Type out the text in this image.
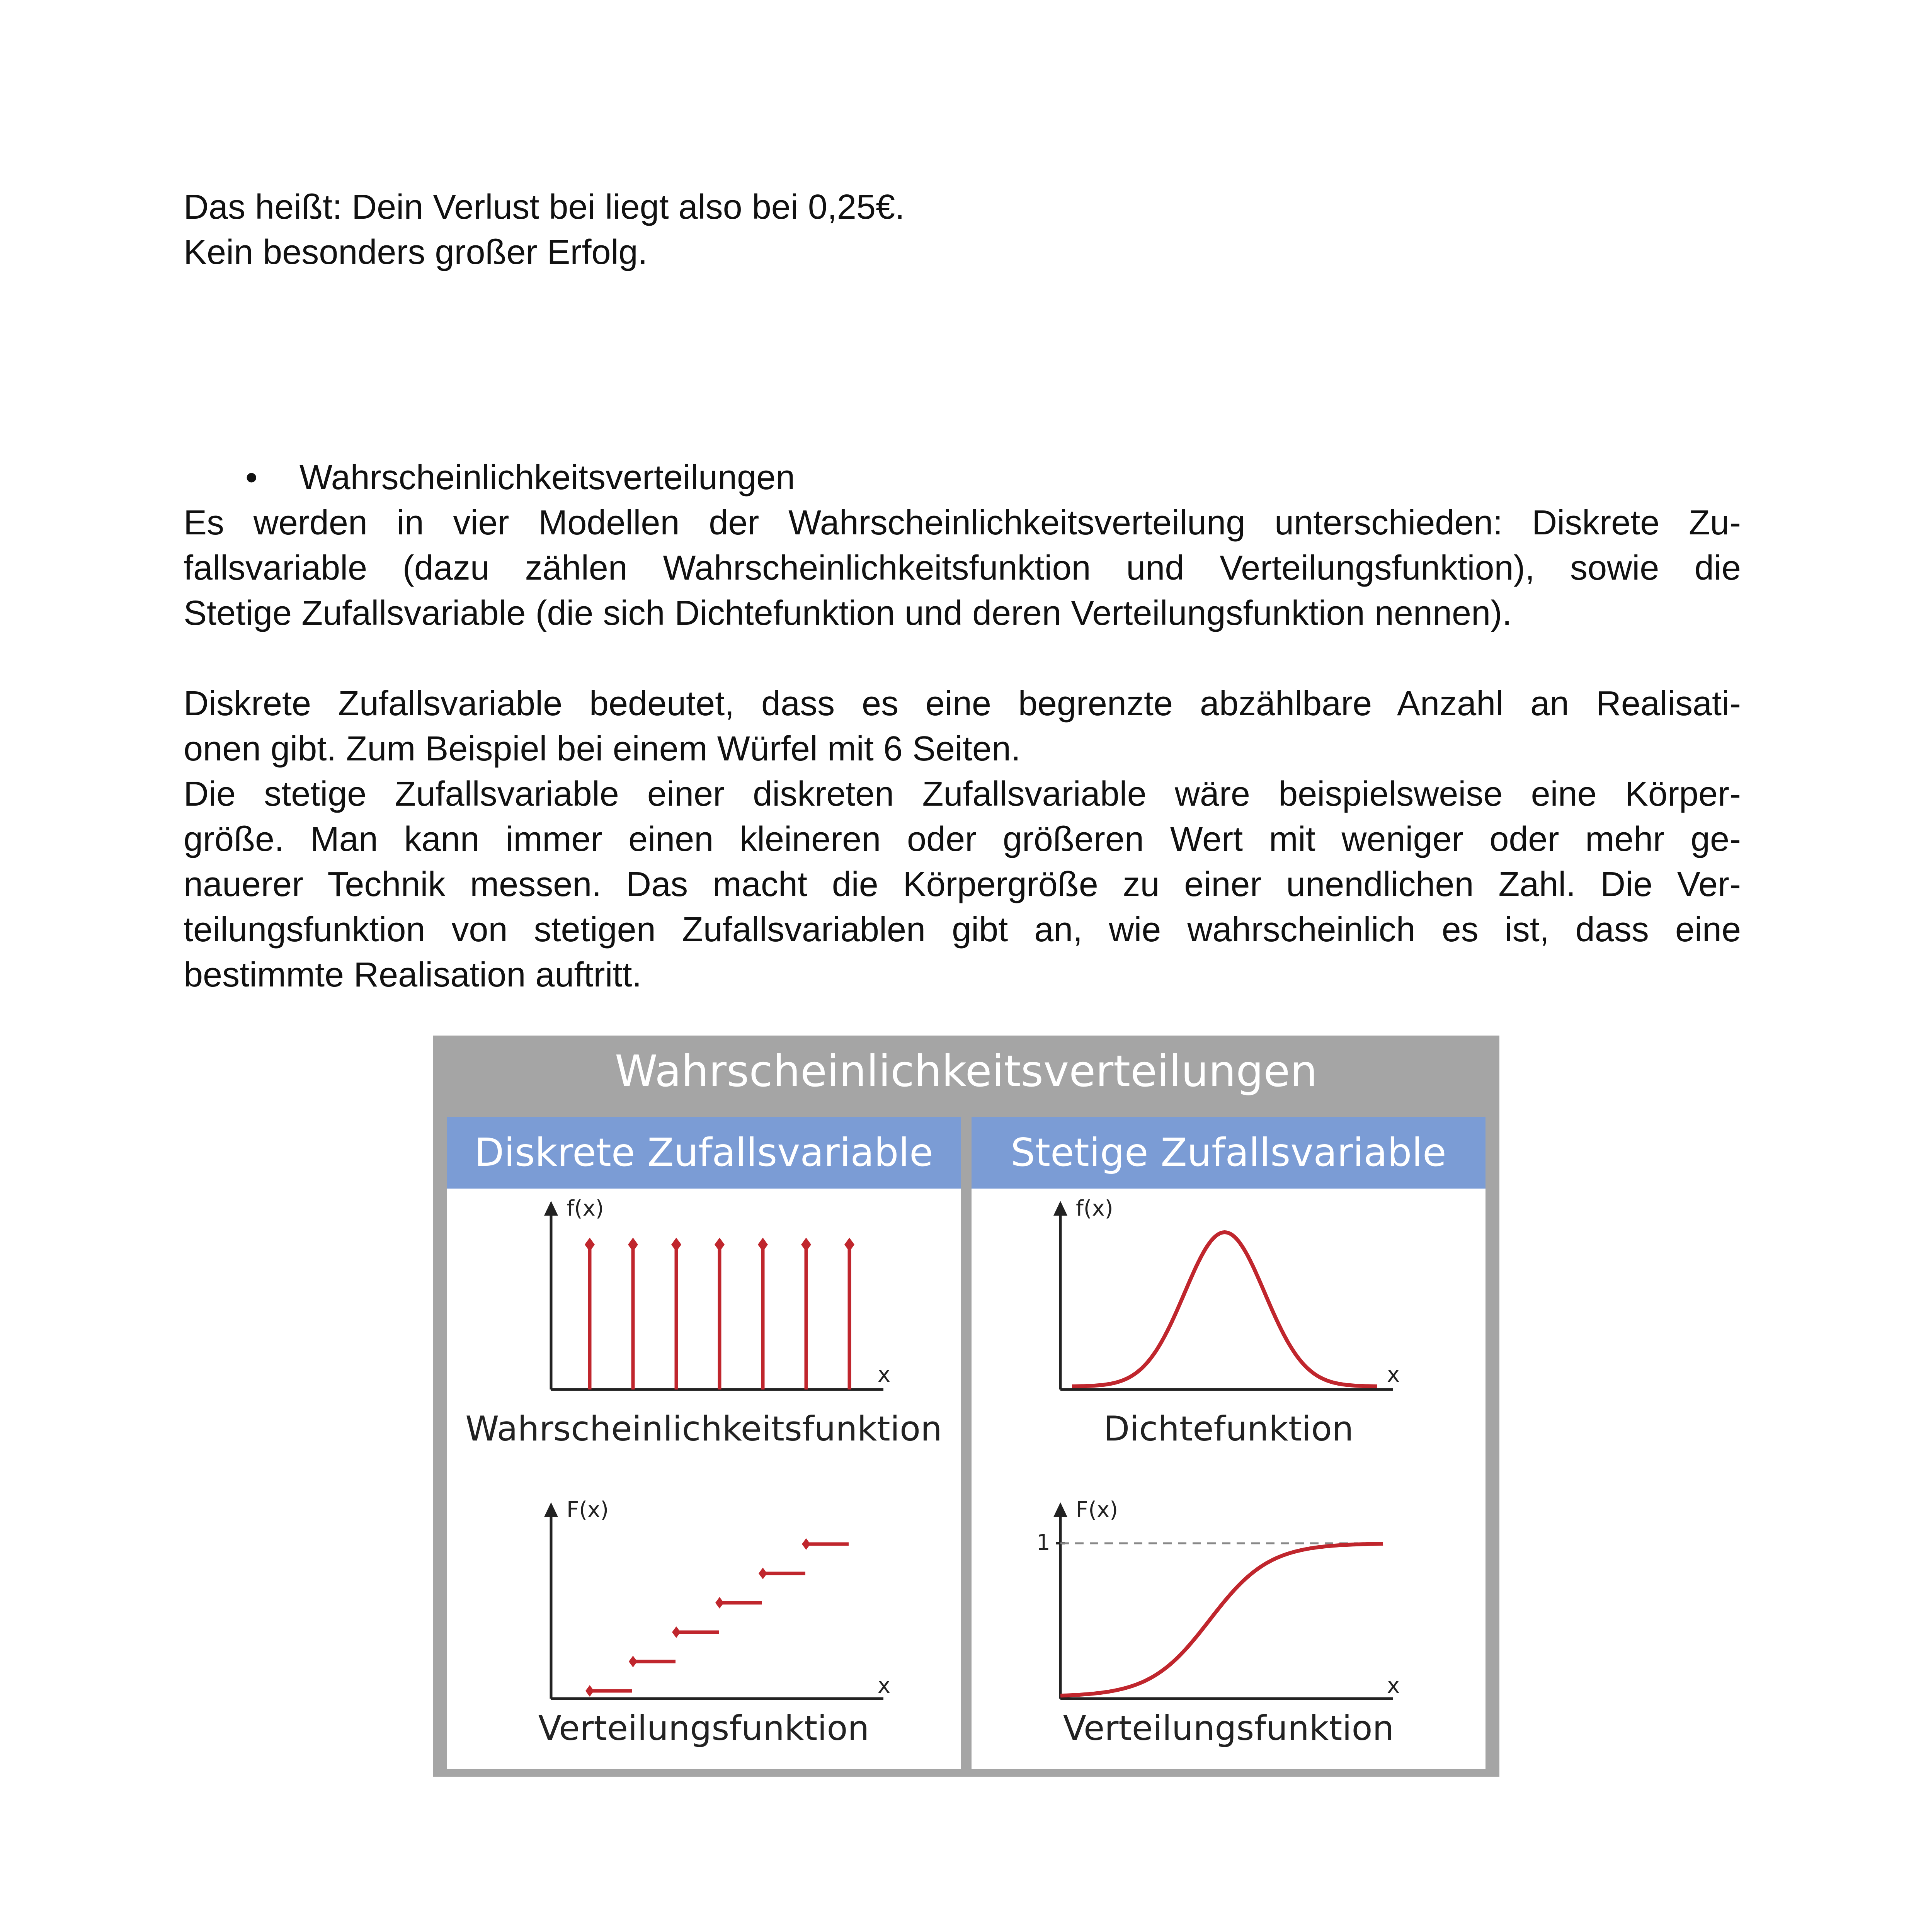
Das heißt: Dein Verlust bei liegt also bei 0,25€.
Kein besonders großer Erfolg.
• Wahrscheinlichkeitsverteilungen
Es werden in vier Modellen der Wahrscheinlichkeitsverteilung unterschieden: Diskrete Zu-
fallsvariable (dazu zählen Wahrscheinlichkeitsfunktion und Verteilungsfunktion), sowie die
Stetige Zufallsvariable (die sich Dichtefunktion und deren Verteilungsfunktion nennen).
Diskrete Zufallsvariable bedeutet, dass es eine begrenzte abzählbare Anzahl an Realisati-
onen gibt. Zum Beispiel bei einem Würfel mit 6 Seiten.
Die stetige Zufallsvariable einer diskreten Zufallsvariable wäre beispielsweise eine Körper-
größe. Man kann immer einen kleineren oder größeren Wert mit weniger oder mehr ge-
nauerer Technik messen. Das macht die Körpergröße zu einer unendlichen Zahl. Die Ver-
teilungsfunktion von stetigen Zufallsvariablen gibt an, wie wahrscheinlich es ist, dass eine
bestimmte Realisation auftritt.
Wahrscheinlichkeitsverteilungen
Diskrete Zufallsvariable
f(x)
x
Wahrscheinlichkeitsfunktion
F(x)
x
Verteilungsfunktion
Stetige Zufallsvariable
f(x)
x
Dichtefunktion
F(x)
x
1
Verteilungsfunktion
